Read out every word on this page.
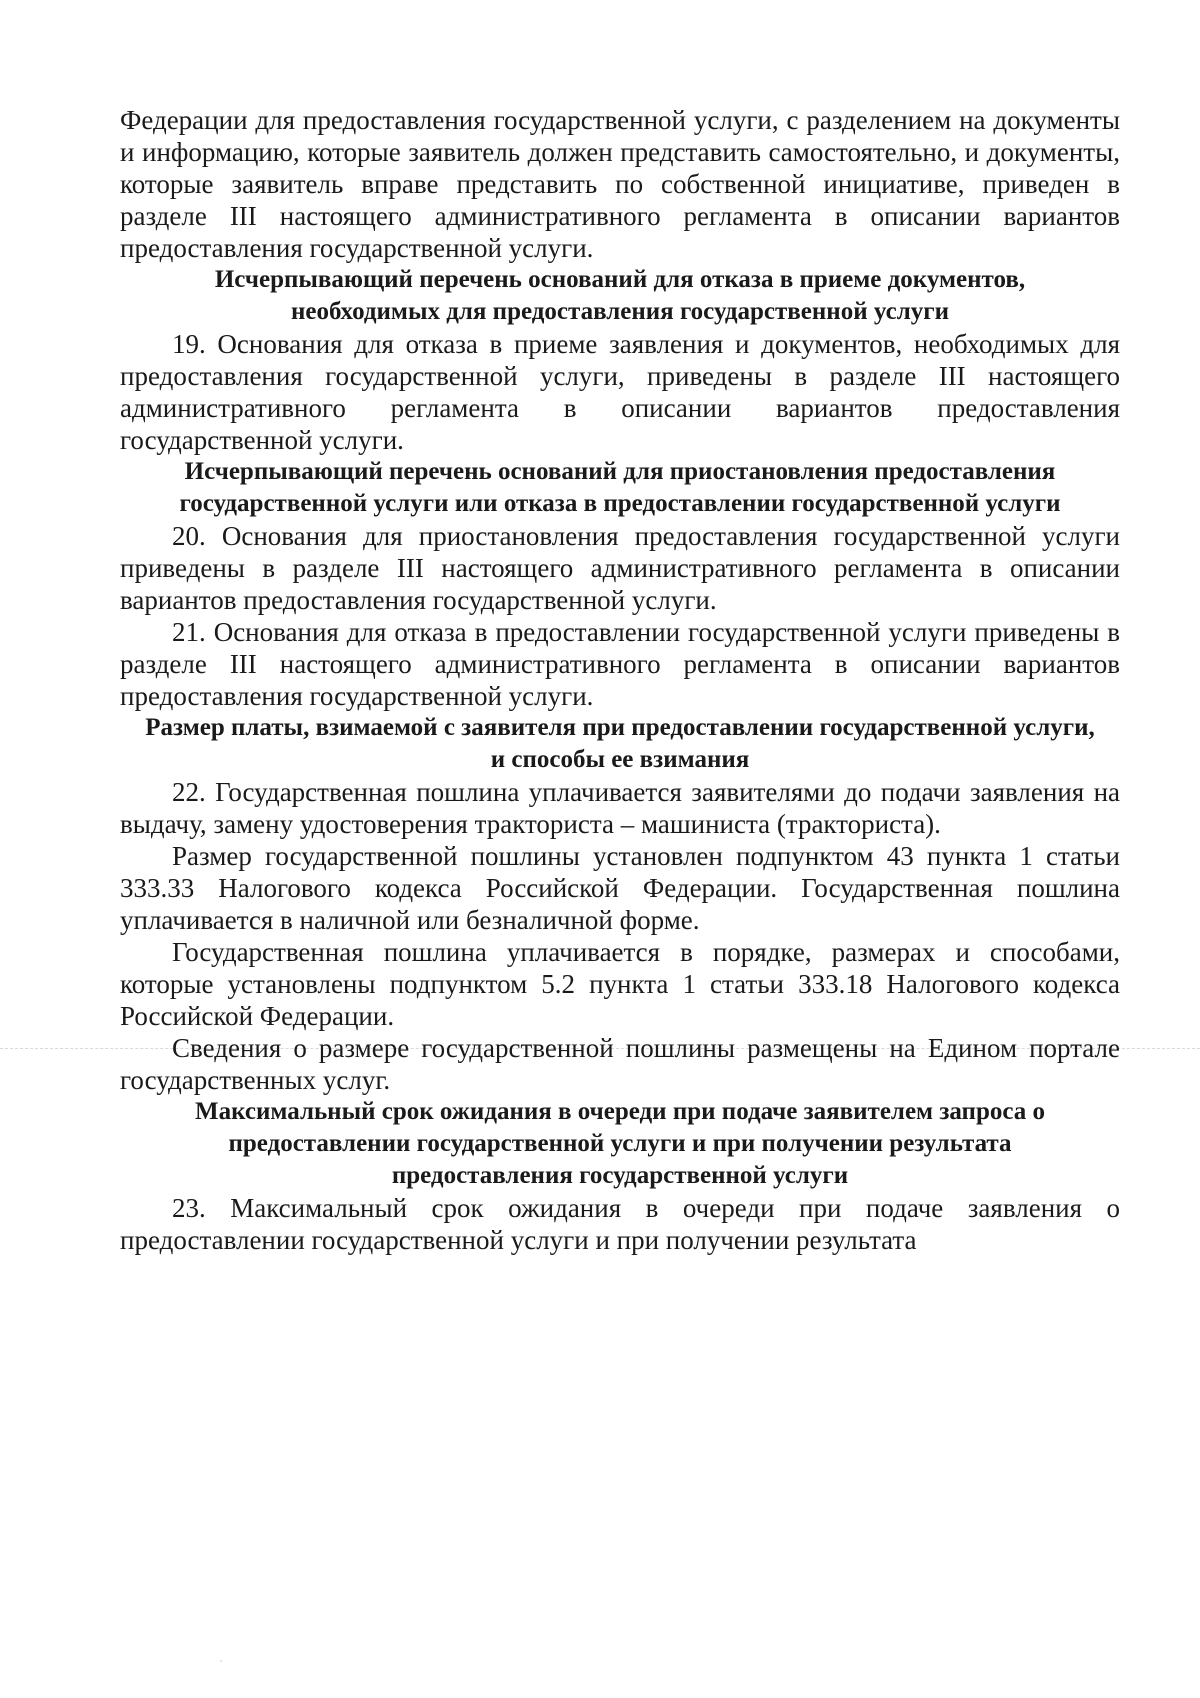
Федерации для предоставления государственной услуги, с разделением на документы и информацию, которые заявитель должен представить самостоятельно, и документы, которые заявитель вправе представить по собственной инициативе, приведен в разделе III настоящего административного регламента в описании вариантов предоставления государственной услуги.

Исчерпывающий перечень оснований для отказа в приеме документов, необходимых для предоставления государственной услуги

19. Основания для отказа в приеме заявления и документов, необходимых для предоставления государственной услуги, приведены в разделе III настоящего административного регламента в описании вариантов предоставления государственной услуги.

Исчерпывающий перечень оснований для приостановления предоставления государственной услуги или отказа в предоставлении государственной услуги

20. Основания для приостановления предоставления государственной услуги приведены в разделе III настоящего административного регламента в описании вариантов предоставления государственной услуги.

21. Основания для отказа в предоставлении государственной услуги приведены в разделе III настоящего административного регламента в описании вариантов предоставления государственной услуги.

Размер платы, взимаемой с заявителя при предоставлении государственной услуги, и способы ее взимания

22. Государственная пошлина уплачивается заявителями до подачи заявления на выдачу, замену удостоверения тракториста – машиниста (тракториста).

Размер государственной пошлины установлен подпунктом 43 пункта 1 статьи 333.33 Налогового кодекса Российской Федерации. Государственная пошлина уплачивается в наличной или безналичной форме.

Государственная пошлина уплачивается в порядке, размерах и способами, которые установлены подпунктом 5.2 пункта 1 статьи 333.18 Налогового кодекса Российской Федерации.

Сведения о размере государственной пошлины размещены на Едином портале государственных услуг.

Максимальный срок ожидания в очереди при подаче заявителем запроса о предоставлении государственной услуги и при получении результата предоставления государственной услуги

23. Максимальный срок ожидания в очереди при подаче заявления о предоставлении государственной услуги и при получении результата
